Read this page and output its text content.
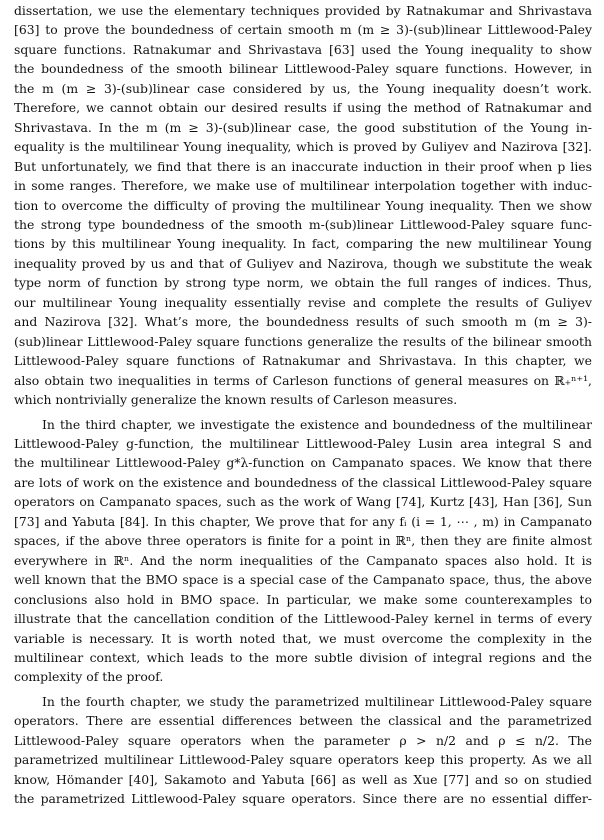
dissertation, we use the elementary techniques provided by Ratnakumar and Shrivastava
[63] to prove the boundedness of certain smooth m (m ≥ 3)-(sub)linear Littlewood-Paley
square functions. Ratnakumar and Shrivastava [63] used the Young inequality to show
the boundedness of the smooth bilinear Littlewood-Paley square functions. However, in
the m (m ≥ 3)-(sub)linear case considered by us, the Young inequality doesn’t work.
Therefore, we cannot obtain our desired results if using the method of Ratnakumar and
Shrivastava. In the m (m ≥ 3)-(sub)linear case, the good substitution of the Young in-
equality is the multilinear Young inequality, which is proved by Guliyev and Nazirova [32].
But unfortunately, we find that there is an inaccurate induction in their proof when p lies
in some ranges. Therefore, we make use of multilinear interpolation together with induc-
tion to overcome the difficulty of proving the multilinear Young inequality. Then we show
the strong type boundedness of the smooth m-(sub)linear Littlewood-Paley square func-
tions by this multilinear Young inequality. In fact, comparing the new multilinear Young
inequality proved by us and that of Guliyev and Nazirova, though we substitute the weak
type norm of function by strong type norm, we obtain the full ranges of indices. Thus,
our multilinear Young inequality essentially revise and complete the results of Guliyev
and Nazirova [32]. What’s more, the boundedness results of such smooth m (m ≥ 3)-
(sub)linear Littlewood-Paley square functions generalize the results of the bilinear smooth
Littlewood-Paley square functions of Ratnakumar and Shrivastava. In this chapter, we
also obtain two inequalities in terms of Carleson functions of general measures on ℝ₊ⁿ⁺¹,
which nontrivially generalize the known results of Carleson measures.
In the third chapter, we investigate the existence and boundedness of the multilinear
Littlewood-Paley g-function, the multilinear Littlewood-Paley Lusin area integral S and
the multilinear Littlewood-Paley g*λ-function on Campanato spaces. We know that there
are lots of work on the existence and boundedness of the classical Littlewood-Paley square
operators on Campanato spaces, such as the work of Wang [74], Kurtz [43], Han [36], Sun
[73] and Yabuta [84]. In this chapter, We prove that for any fᵢ (i = 1, ⋯ , m) in Campanato
spaces, if the above three operators is finite for a point in ℝⁿ, then they are finite almost
everywhere in ℝⁿ. And the norm inequalities of the Campanato spaces also hold. It is
well known that the BMO space is a special case of the Campanato space, thus, the above
conclusions also hold in BMO space. In particular, we make some counterexamples to
illustrate that the cancellation condition of the Littlewood-Paley kernel in terms of every
variable is necessary. It is worth noted that, we must overcome the complexity in the
multilinear context, which leads to the more subtle division of integral regions and the
complexity of the proof.
In the fourth chapter, we study the parametrized multilinear Littlewood-Paley square
operators. There are essential differences between the classical and the parametrized
Littlewood-Paley square operators when the parameter ρ > n/2 and ρ ≤ n/2. The
parametrized multilinear Littlewood-Paley square operators keep this property. As we all
know, Hömander [40], Sakamoto and Yabuta [66] as well as Xue [77] and so on studied
the parametrized Littlewood-Paley square operators. Since there are no essential differ-
